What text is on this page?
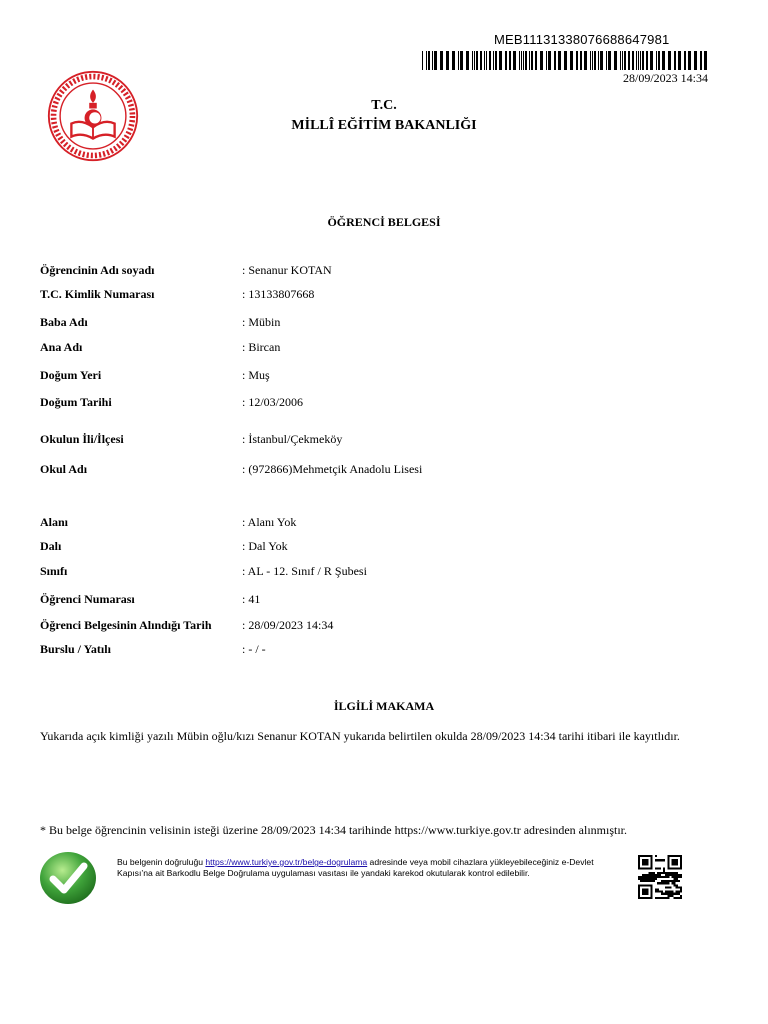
MEB11131338076688647981
28/09/2023 14:34
T.C.
MİLLÎ EĞİTİM BAKANLIĞI
ÖĞRENCİ BELGESİ
Öğrencinin Adı soyadı	: Senanur KOTAN
T.C. Kimlik Numarası	: 13133807668
Baba Adı	: Mübin
Ana Adı	: Bircan
Doğum Yeri	: Muş
Doğum Tarihi	: 12/03/2006
Okulun İli/İlçesi	: İstanbul/Çekmeköy
Okul Adı	: (972866)Mehmetçik Anadolu Lisesi
Alanı	: Alanı Yok
Dalı	: Dal Yok
Sınıfı	: AL - 12. Sınıf / R Şubesi
Öğrenci Numarası	: 41
Öğrenci Belgesinin Alındığı Tarih	: 28/09/2023 14:34
Burslu / Yatılı	: - / -
İLGİLİ MAKAMA
Yukarıda açık kimliği yazılı Mübin oğlu/kızı Senanur KOTAN yukarıda belirtilen okulda 28/09/2023 14:34 tarihi itibari ile kayıtlıdır.
* Bu belge öğrencinin velisinin isteği üzerine 28/09/2023 14:34 tarihinde https://www.turkiye.gov.tr adresinden alınmıştır.
Bu belgenin doğruluğu https://www.turkiye.gov.tr/belge-dogrulama adresinde veya mobil cihazlara yükleyebileceğiniz e-Devlet Kapısı’na ait Barkodlu Belge Doğrulama uygulaması vasıtası ile yandaki karekod okutularak kontrol edilebilir.
